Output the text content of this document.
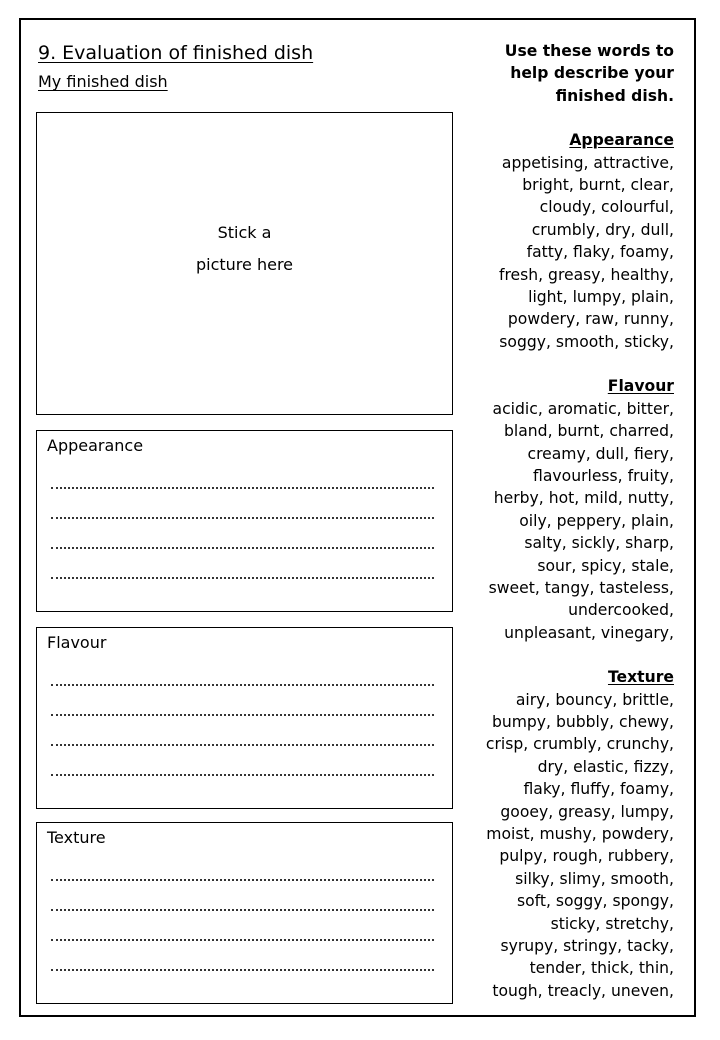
9. Evaluation of finished dish
My finished dish
Stick a
picture here
Appearance
Flavour
Texture
Use these words to
help describe your
finished dish.
Appearance
appetising, attractive,
bright, burnt, clear,
cloudy, colourful,
crumbly, dry, dull,
fatty, flaky, foamy,
fresh, greasy, healthy,
light, lumpy, plain,
powdery, raw, runny,
soggy, smooth, sticky,
Flavour
acidic, aromatic, bitter,
bland, burnt, charred,
creamy, dull, fiery,
flavourless, fruity,
herby, hot, mild, nutty,
oily, peppery, plain,
salty, sickly, sharp,
sour, spicy, stale,
sweet, tangy, tasteless,
undercooked,
unpleasant, vinegary,
Texture
airy, bouncy, brittle,
bumpy, bubbly, chewy,
crisp, crumbly, crunchy,
dry, elastic, fizzy,
flaky, fluffy, foamy,
gooey, greasy, lumpy,
moist, mushy, powdery,
pulpy, rough, rubbery,
silky, slimy, smooth,
soft, soggy, spongy,
sticky, stretchy,
syrupy, stringy, tacky,
tender, thick, thin,
tough, treacly, uneven,
